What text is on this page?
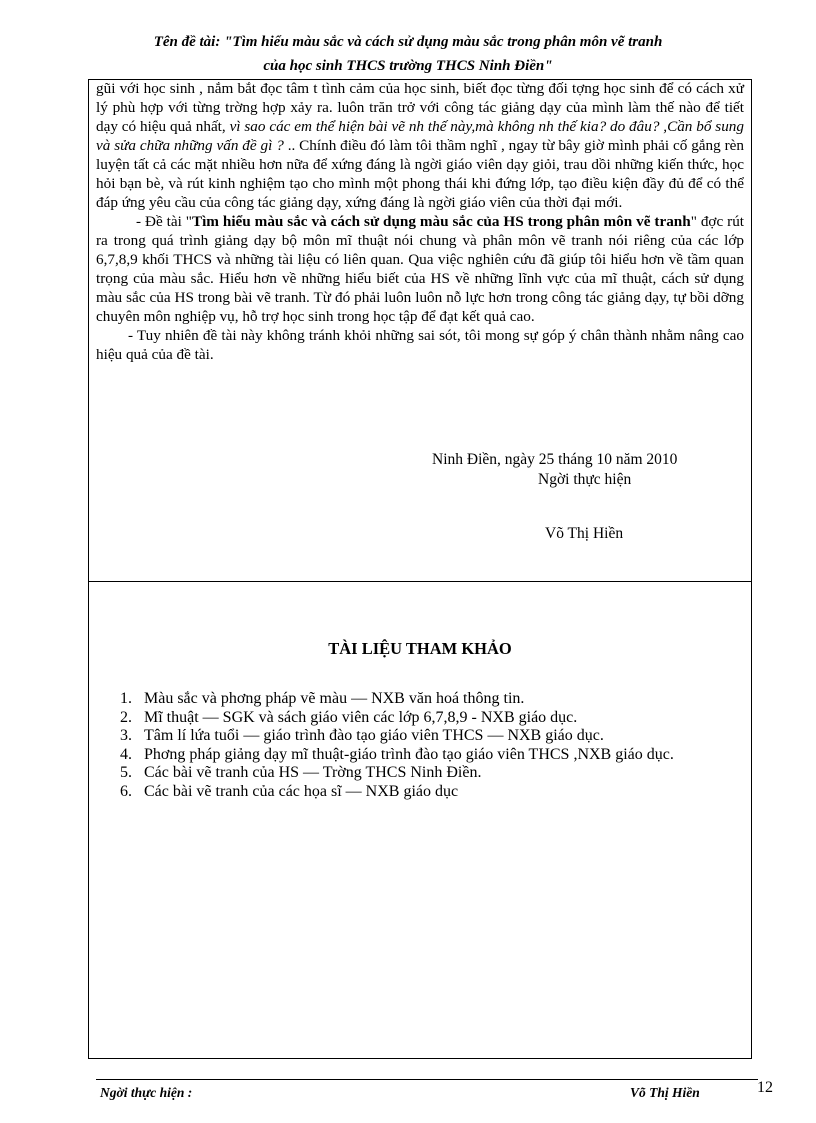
Tên đề tài: "Tìm hiểu màu sắc và cách sử dụng màu sắc trong phân môn vẽ tranh
của học sinh THCS trường THCS Ninh Điền"

gũi với học sinh , nắm bắt đọc tâm t tình cảm của học sinh, biết đọc từng đối tợng học sinh để có cách xử lý phù hợp với từng trờng hợp xảy ra. luôn trăn trở với công tác giảng dạy của mình làm thế nào để tiết dạy có hiệu quả nhất, vì sao các em thể hiện bài vẽ nh thế này,mà không nh thế kia? do đâu? ,Cần bổ sung và sửa chữa những vấn đề gì ? .. Chính điều đó làm tôi thầm nghĩ , ngay từ bây giờ mình phải cố gắng rèn luyện tất cả các mặt nhiều hơn nữa để xứng đáng là ngời giáo viên dạy giỏi, trau dồi những kiến thức, học hỏi bạn bè, và rút kinh nghiệm tạo cho mình một phong thái khi đứng lớp, tạo điều kiện đầy đủ để có thể đáp ứng yêu cầu của công tác giảng dạy, xứng đáng là ngời giáo viên của thời đại mới.

- Đề tài "Tìm hiểu màu sắc và cách sử dụng màu sắc của HS trong phân môn vẽ tranh" đợc rút ra trong quá trình giảng dạy bộ môn mĩ thuật nói chung và phân môn vẽ tranh nói riêng của các lớp 6,7,8,9 khối THCS và những tài liệu có liên quan. Qua việc nghiên cứu đã giúp tôi hiểu hơn về tầm quan trọng của màu sắc. Hiểu hơn về những hiểu biết của HS về những lĩnh vực của mĩ thuật, cách sử dụng màu sắc của HS trong bài vẽ tranh. Từ đó phải luôn luôn nỗ lực hơn trong công tác giảng dạy, tự bồi dỡng chuyên môn nghiệp vụ, hỗ trợ học sinh trong học tập để đạt kết quả cao.

- Tuy nhiên đề tài này không tránh khỏi những sai sót, tôi mong sự góp ý chân thành nhằm nâng cao hiệu quả của đề tài.

Ninh Điền, ngày 25 tháng 10 năm 2010
Ngời thực hiện
Võ Thị Hiền
TÀI LIỆU THAM KHẢO
1. Màu sắc và phơng pháp vẽ màu — NXB văn hoá thông tin.
2. Mĩ thuật — SGK và sách giáo viên các lớp 6,7,8,9 - NXB giáo dục.
3. Tâm lí lứa tuổi — giáo trình đào tạo giáo viên THCS — NXB giáo dục.
4. Phơng pháp giảng dạy mĩ thuật-giáo trình đào tạo giáo viên THCS ,NXB giáo dục.
5. Các bài vẽ tranh của HS — Trờng THCS Ninh Điền.
6. Các bài vẽ tranh của các họa sĩ — NXB giáo dục
Ngời thực hiện :	Võ Thị Hiền	12
